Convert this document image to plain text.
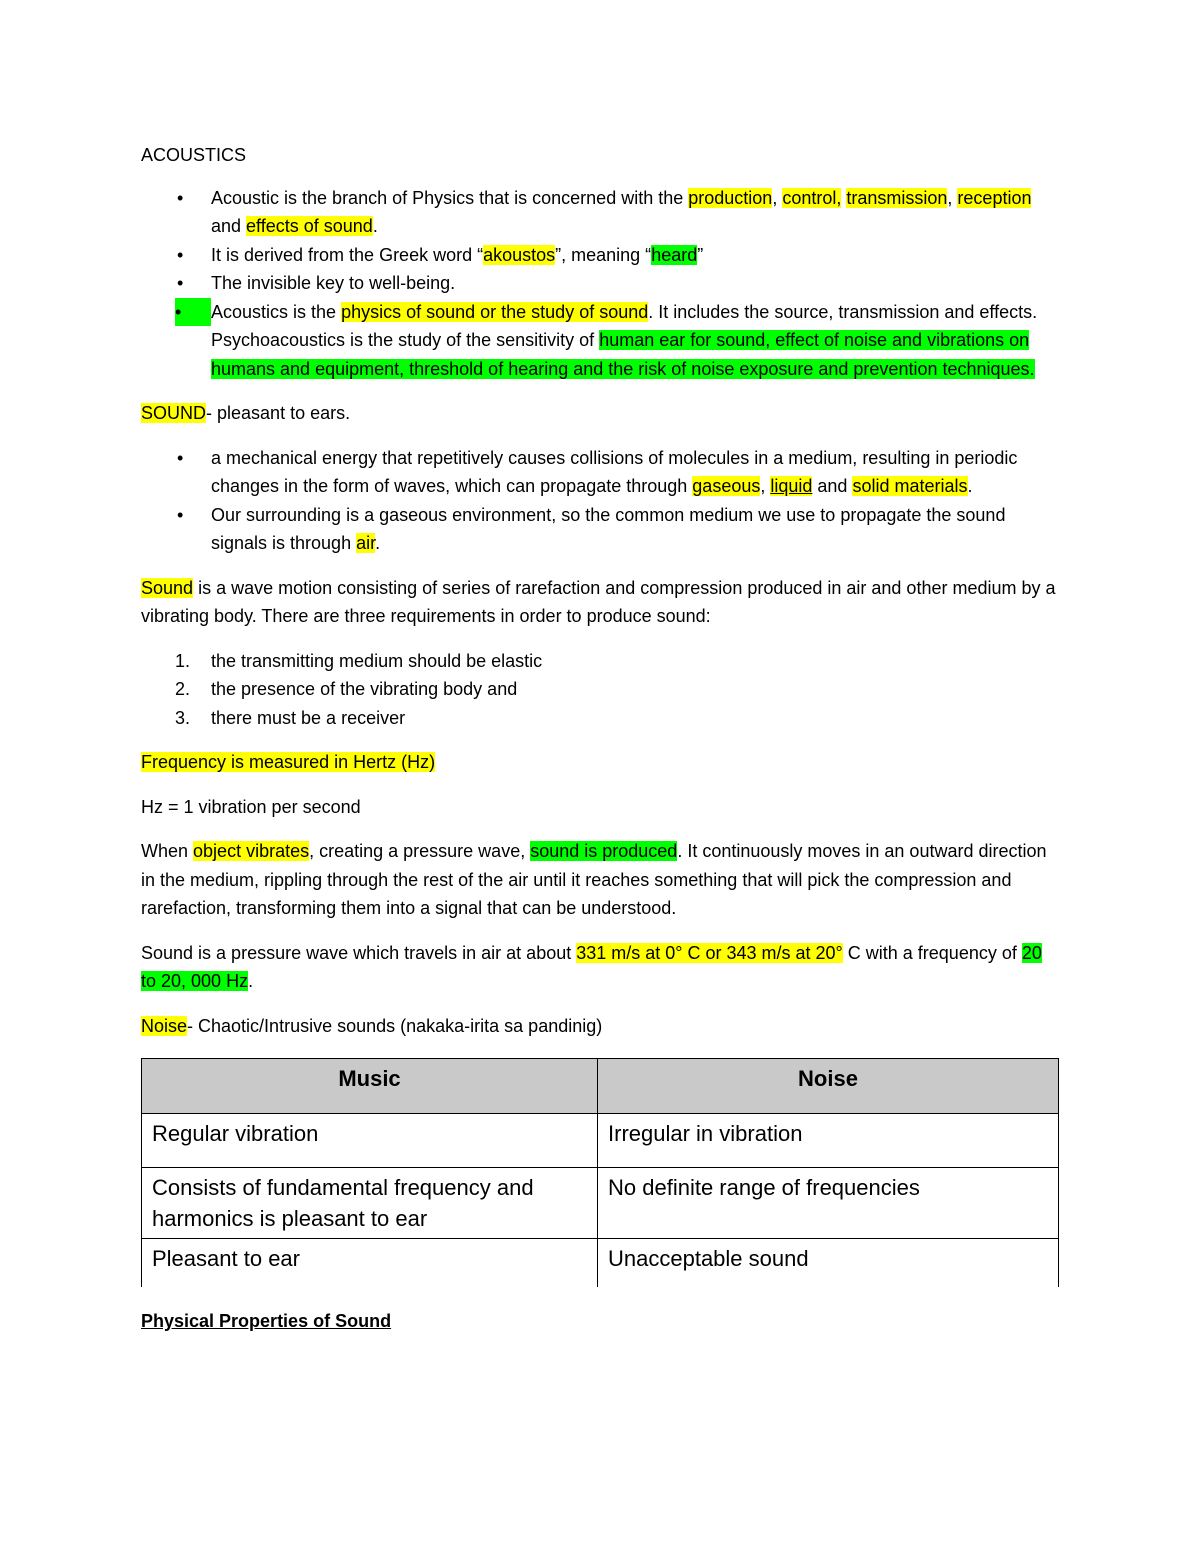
ACOUSTICS

•	Acoustic is the branch of Physics that is concerned with the production, control, transmission, reception and effects of sound.
•	It is derived from the Greek word “akoustos”, meaning “heard”
•	The invisible key to well-being.
•	Acoustics is the physics of sound or the study of sound. It includes the source, transmission and effects. Psychoacoustics is the study of the sensitivity of human ear for sound, effect of noise and vibrations on humans and equipment, threshold of hearing and the risk of noise exposure and prevention techniques.

SOUND- pleasant to ears.

•	a mechanical energy that repetitively causes collisions of molecules in a medium, resulting in periodic changes in the form of waves, which can propagate through gaseous, liquid and solid materials.
•	Our surrounding is a gaseous environment, so the common medium we use to propagate the sound signals is through air.

Sound is a wave motion consisting of series of rarefaction and compression produced in air and other medium by a vibrating body. There are three requirements in order to produce sound:

1. the transmitting medium should be elastic
2. the presence of the vibrating body and
3. there must be a receiver

Frequency is measured in Hertz (Hz)

Hz = 1 vibration per second

When object vibrates, creating a pressure wave, sound is produced. It continuously moves in an outward direction in the medium, rippling through the rest of the air until it reaches something that will pick the compression and rarefaction, transforming them into a signal that can be understood.

Sound is a pressure wave which travels in air at about 331 m/s at 0° C or 343 m/s at 20° C with a frequency of 20 to 20, 000 Hz.

Noise- Chaotic/Intrusive sounds (nakaka-irita sa pandinig)

Music	Noise
Regular vibration	Irregular in vibration
Consists of fundamental frequency and harmonics is pleasant to ear	No definite range of frequencies
Pleasant to ear	Unacceptable sound

Physical Properties of Sound
